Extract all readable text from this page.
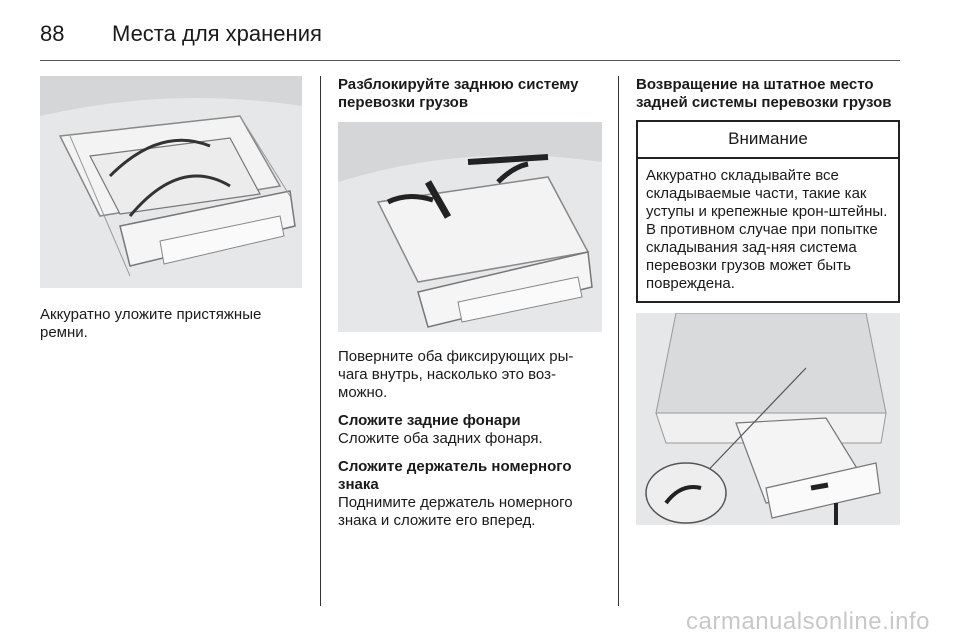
88	Места для хранения

Аккуратно уложите пристяжные ремни.

Разблокируйте заднюю систему перевозки грузов

Поверните оба фиксирующих ры-чага внутрь, насколько это воз-можно.

Сложите задние фонари

Сложите оба задних фонаря.

Сложите держатель номерного знака

Поднимите держатель номерного знака и сложите его вперед.

Возвращение на штатное место задней системы перевозки грузов

Внимание
Аккуратно складывайте все складываемые части, такие как уступы и крепежные крон-штейны. В противном случае при попытке складывания зад-няя система перевозки грузов может быть повреждена.
carmanualsonline.info
